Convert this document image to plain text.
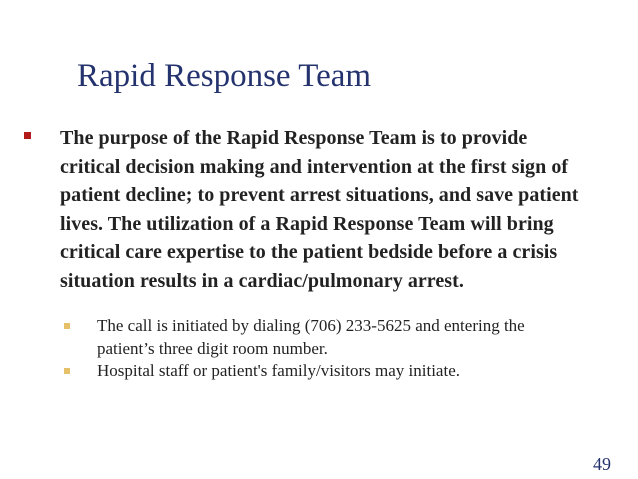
Rapid Response Team
The purpose of the Rapid Response Team is to provide critical decision making and intervention at the first sign of patient decline; to prevent arrest situations, and save patient lives. The utilization of a Rapid Response Team will bring critical care expertise to the patient bedside before a crisis situation results in a cardiac/pulmonary arrest.
The call is initiated by dialing (706) 233-5625 and entering the patient’s three digit room number.
Hospital staff or patient's family/visitors may initiate.
49
